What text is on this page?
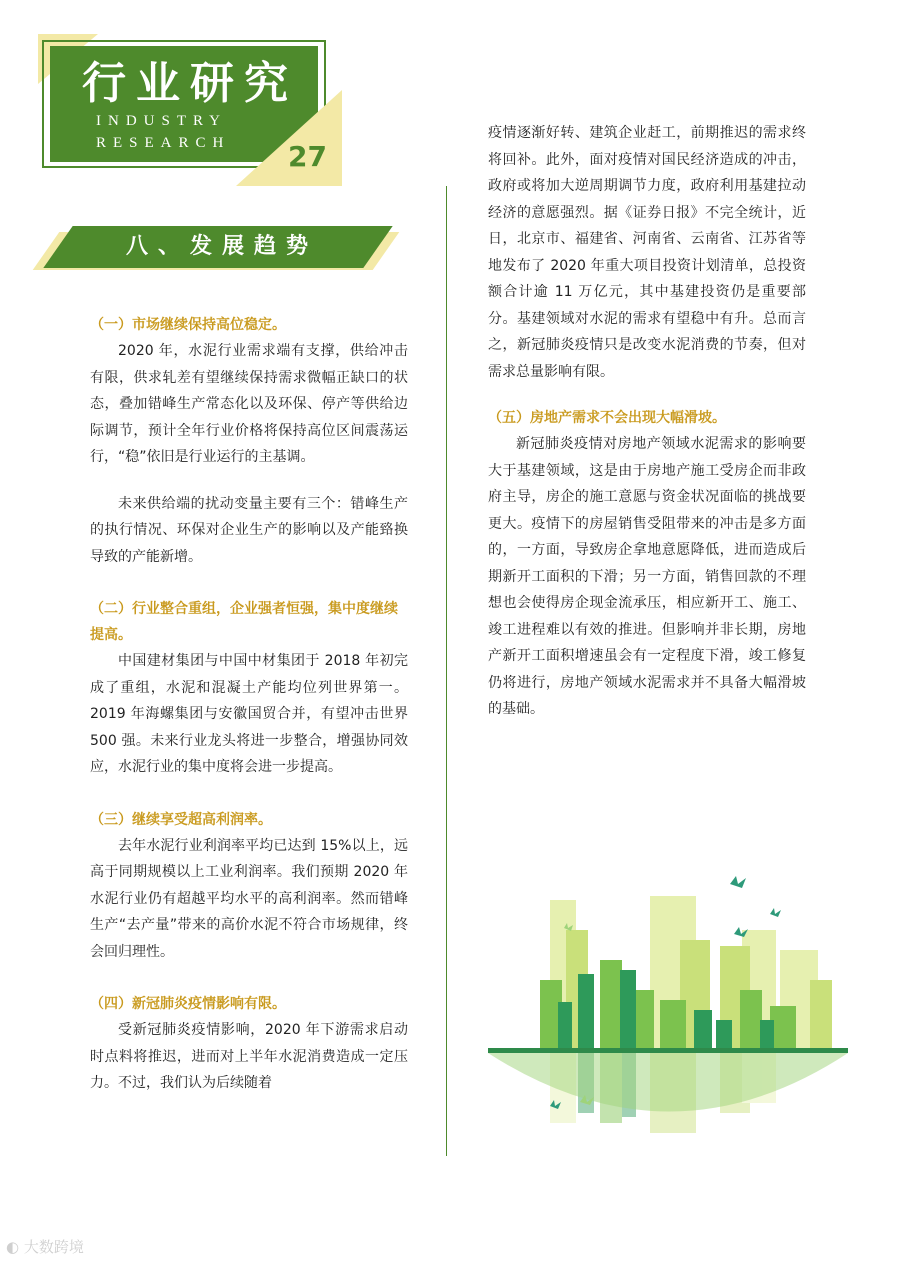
行业研究
INDUSTRY
RESEARCH 27
八、发展趋势
（一）市场继续保持高位稳定。

2020 年，水泥行业需求端有支撑，供给冲击有限，供求轧差有望继续保持需求微幅正缺口的状态，叠加错峰生产常态化以及环保、停产等供给边际调节，预计全年行业价格将保持高位区间震荡运行，“稳”依旧是行业运行的主基调。

未来供给端的扰动变量主要有三个：错峰生产的执行情况、环保对企业生产的影响以及产能臵换导致的产能新增。

（二）行业整合重组，企业强者恒强，集中度继续提高。

中国建材集团与中国中材集团于 2018 年初完成了重组，水泥和混凝土产能均位列世界第一。2019 年海螺集团与安徽国贸合并，有望冲击世界 500 强。未来行业龙头将进一步整合，增强协同效应，水泥行业的集中度将会进一步提高。

（三）继续享受超高利润率。

去年水泥行业利润率平均已达到 15%以上，远高于同期规模以上工业利润率。我们预期 2020 年水泥行业仍有超越平均水平的高利润率。然而错峰生产“去产量”带来的高价水泥不符合市场规律，终会回归理性。

（四）新冠肺炎疫情影响有限。

受新冠肺炎疫情影响，2020 年下游需求启动时点料将推迟，进而对上半年水泥消费造成一定压力。不过，我们认为后续随着

疫情逐渐好转、建筑企业赶工，前期推迟的需求终将回补。此外，面对疫情对国民经济造成的冲击，政府或将加大逆周期调节力度，政府利用基建拉动经济的意愿强烈。据《证券日报》不完全统计，近日，北京市、福建省、河南省、云南省、江苏省等地发布了 2020 年重大项目投资计划清单，总投资额合计逾 11 万亿元，其中基建投资仍是重要部分。基建领域对水泥的需求有望稳中有升。总而言之，新冠肺炎疫情只是改变水泥消费的节奏，但对需求总量影响有限。

（五）房地产需求不会出现大幅滑坡。

新冠肺炎疫情对房地产领域水泥需求的影响要大于基建领域，这是由于房地产施工受房企而非政府主导，房企的施工意愿与资金状况面临的挑战要更大。疫情下的房屋销售受阻带来的冲击是多方面的，一方面，导致房企拿地意愿降低，进而造成后期新开工面积的下滑；另一方面，销售回款的不理想也会使得房企现金流承压，相应新开工、施工、竣工进程难以有效的推进。但影响并非长期，房地产新开工面积增速虽会有一定程度下滑，竣工修复仍将进行，房地产领域水泥需求并不具备大幅滑坡的基础。

◐ 大数跨境
